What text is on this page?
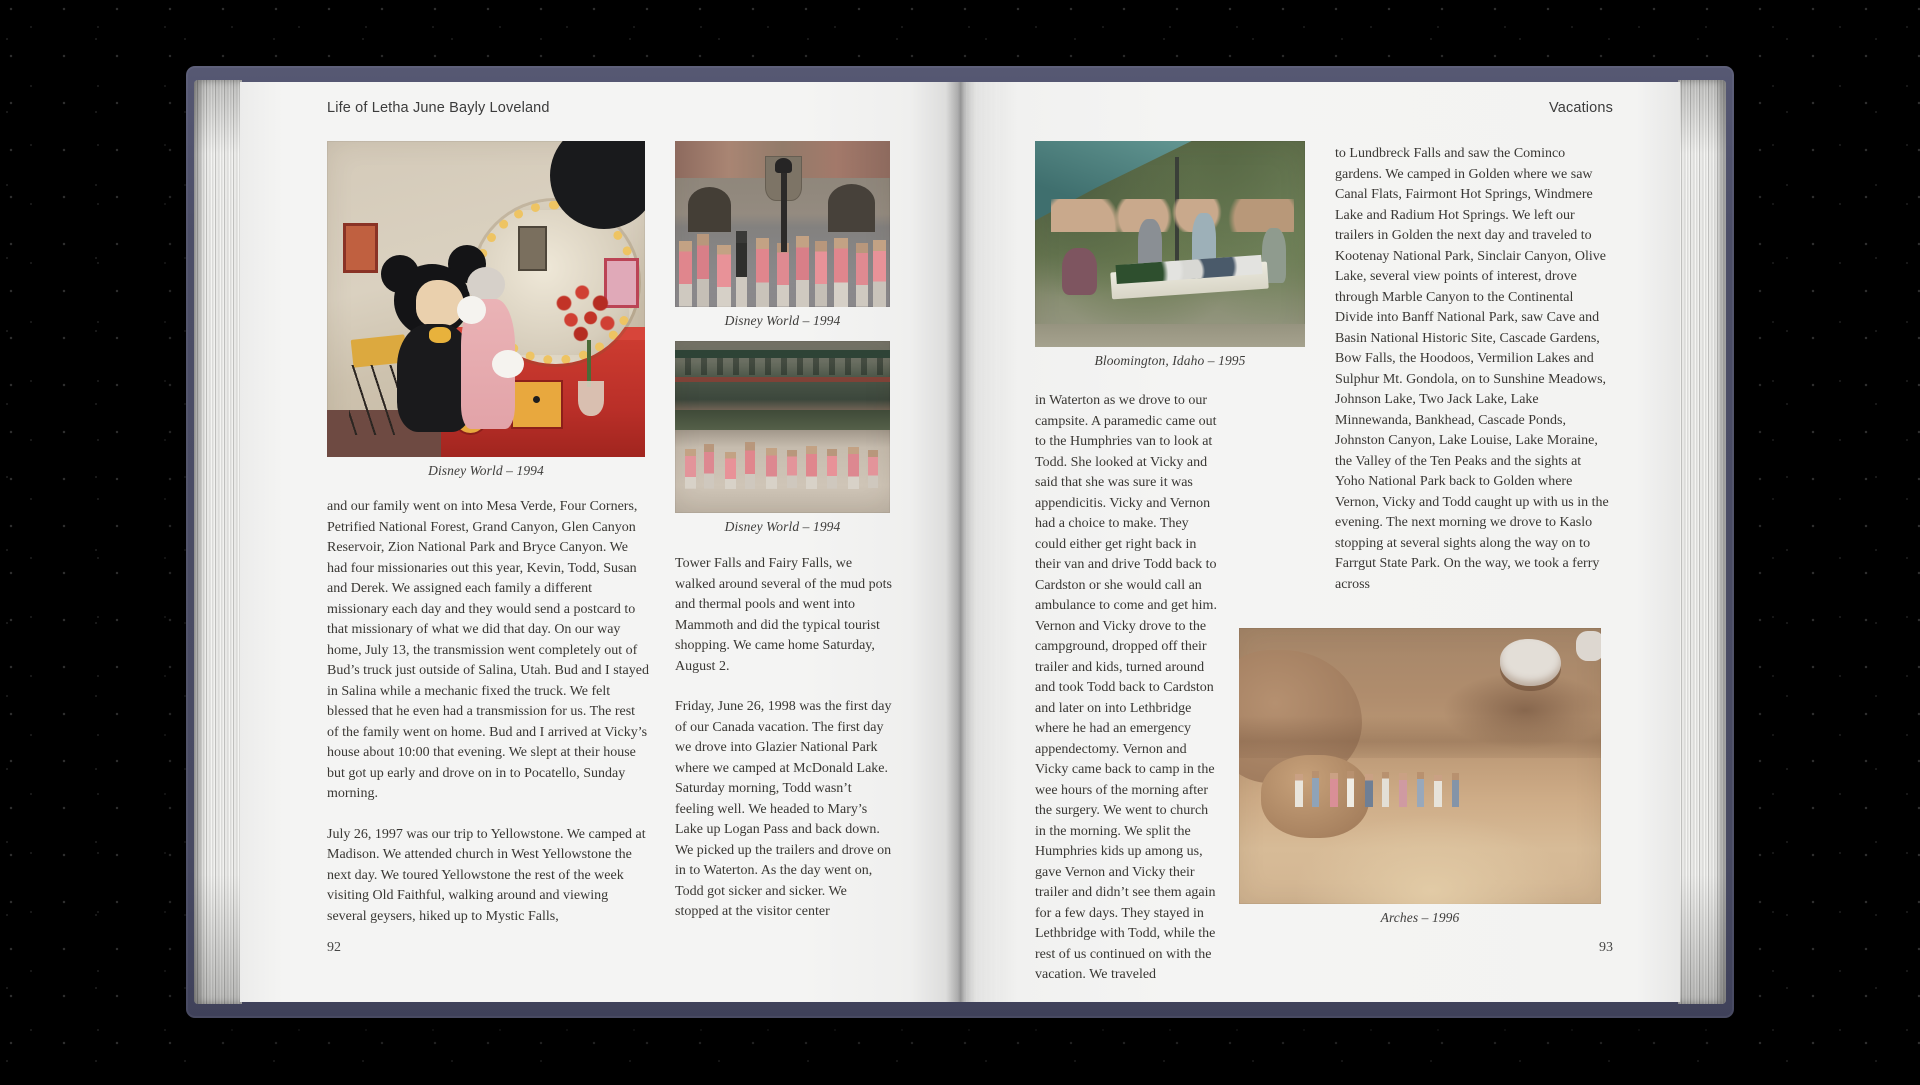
Life of Letha June Bayly Loveland
Disney World – 1994

and our family went on into Mesa Verde, Four Corners, Petrified National Forest, Grand Canyon, Glen Canyon Reservoir, Zion National Park and Bryce Canyon. We had four missionaries out this year, Kevin, Todd, Susan and Derek. We assigned each family a different missionary each day and they would send a postcard to that missionary of what we did that day. On our way home, July 13, the transmission went completely out of Bud’s truck just outside of Salina, Utah. Bud and I stayed in Salina while a mechanic fixed the truck. We felt blessed that he even had a transmission for us. The rest of the family went on home. Bud and I arrived at Vicky’s house about 10:00 that evening. We slept at their house but got up early and drove on in to Pocatello, Sunday morning.

July 26, 1997 was our trip to Yellowstone. We camped at Madison. We attended church in West Yellowstone the next day. We toured Yellowstone the rest of the week visiting Old Faithful, walking around and viewing several geysers, hiked up to Mystic Falls,

Disney World – 1994
Disney World – 1994

Tower Falls and Fairy Falls, we walked around several of the mud pots and thermal pools and went into Mammoth and did the typical tourist shopping. We came home Saturday, August 2.

Friday, June 26, 1998 was the first day of our Canada vacation. The first day we drove into Glazier National Park where we camped at McDonald Lake. Saturday morning, Todd wasn’t feeling well. We headed to Mary’s Lake up Logan Pass and back down. We picked up the trailers and drove on in to Waterton. As the day went on, Todd got sicker and sicker. We stopped at the visitor center

92
Vacations
Bloomington, Idaho – 1995

in Waterton as we drove to our campsite. A paramedic came out to the Humphries van to look at Todd. She looked at Vicky and said that she was sure it was appendicitis. Vicky and Vernon had a choice to make. They could either get right back in their van and drive Todd back to Cardston or she would call an ambulance to come and get him. Vernon and Vicky drove to the campground, dropped off their trailer and kids, turned around and took Todd back to Cardston and later on into Lethbridge where he had an emergency appendectomy. Vernon and Vicky came back to camp in the wee hours of the morning after the surgery. We went to church in the morning. We split the Humphries kids up among us, gave Vernon and Vicky their trailer and didn’t see them again for a few days. They stayed in Lethbridge with Todd, while the rest of us continued on with the vacation. We traveled

to Lundbreck Falls and saw the Cominco gardens. We camped in Golden where we saw Canal Flats, Fairmont Hot Springs, Windmere Lake and Radium Hot Springs. We left our trailers in Golden the next day and traveled to Kootenay National Park, Sinclair Canyon, Olive Lake, several view points of interest, drove through Marble Canyon to the Continental Divide into Banff National Park, saw Cave and Basin National Historic Site, Cascade Gardens, Bow Falls, the Hoodoos, Vermilion Lakes and Sulphur Mt. Gondola, on to Sunshine Meadows, Johnson Lake, Two Jack Lake, Lake Minnewanda, Bankhead, Cascade Ponds, Johnston Canyon, Lake Louise, Lake Moraine, the Valley of the Ten Peaks and the sights at Yoho National Park back to Golden where Vernon, Vicky and Todd caught up with us in the evening. The next morning we drove to Kaslo stopping at several sights along the way on to Farrgut State Park. On the way, we took a ferry across

Arches – 1996
93
